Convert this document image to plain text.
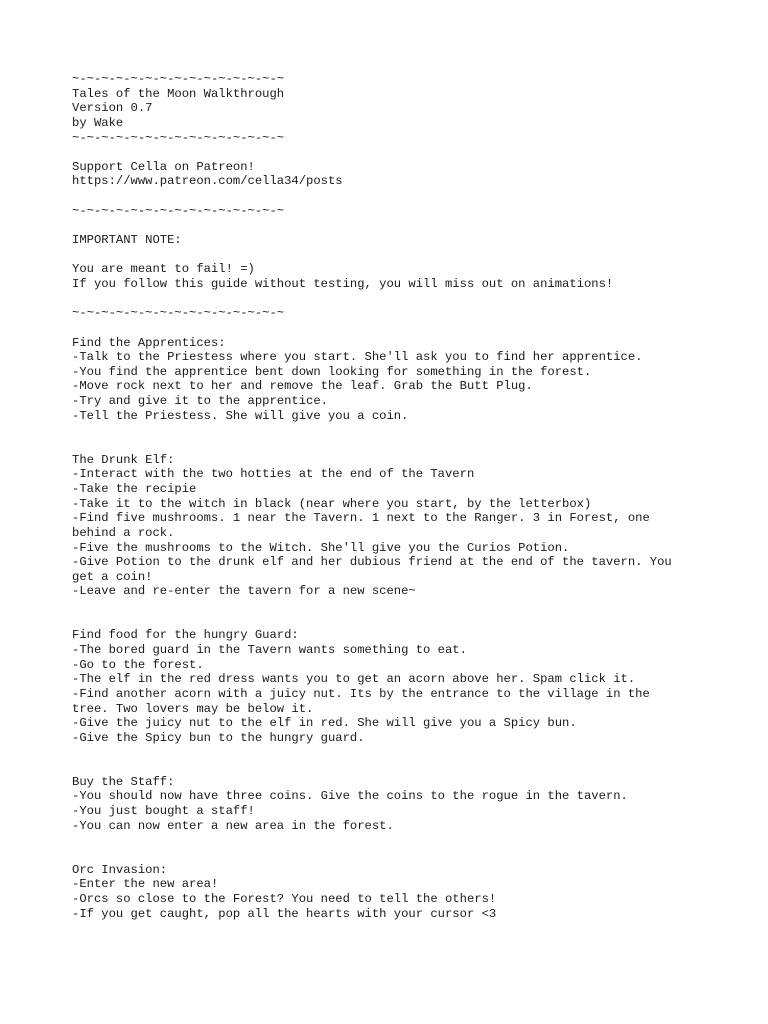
~-~-~-~-~-~-~-~-~-~-~-~-~-~-~
Tales of the Moon Walkthrough
Version 0.7
by Wake
~-~-~-~-~-~-~-~-~-~-~-~-~-~-~
Support Cella on Patreon!
https://www.patreon.com/cella34/posts
~-~-~-~-~-~-~-~-~-~-~-~-~-~-~
IMPORTANT NOTE:
You are meant to fail! =)
If you follow this guide without testing, you will miss out on animations!
~-~-~-~-~-~-~-~-~-~-~-~-~-~-~
Find the Apprentices:
-Talk to the Priestess where you start. She'll ask you to find her apprentice.
-You find the apprentice bent down looking for something in the forest.
-Move rock next to her and remove the leaf. Grab the Butt Plug.
-Try and give it to the apprentice.
-Tell the Priestess. She will give you a coin.
The Drunk Elf:
-Interact with the two hotties at the end of the Tavern
-Take the recipie
-Take it to the witch in black (near where you start, by the letterbox)
-Find five mushrooms. 1 near the Tavern. 1 next to the Ranger. 3 in Forest, one
behind a rock.
-Five the mushrooms to the Witch. She'll give you the Curios Potion.
-Give Potion to the drunk elf and her dubious friend at the end of the tavern. You
get a coin!
-Leave and re-enter the tavern for a new scene~
Find food for the hungry Guard:
-The bored guard in the Tavern wants something to eat.
-Go to the forest.
-The elf in the red dress wants you to get an acorn above her. Spam click it.
-Find another acorn with a juicy nut. Its by the entrance to the village in the
tree. Two lovers may be below it.
-Give the juicy nut to the elf in red. She will give you a Spicy bun.
-Give the Spicy bun to the hungry guard.
Buy the Staff:
-You should now have three coins. Give the coins to the rogue in the tavern.
-You just bought a staff!
-You can now enter a new area in the forest.
Orc Invasion:
-Enter the new area!
-Orcs so close to the Forest? You need to tell the others!
-If you get caught, pop all the hearts with your cursor <3
